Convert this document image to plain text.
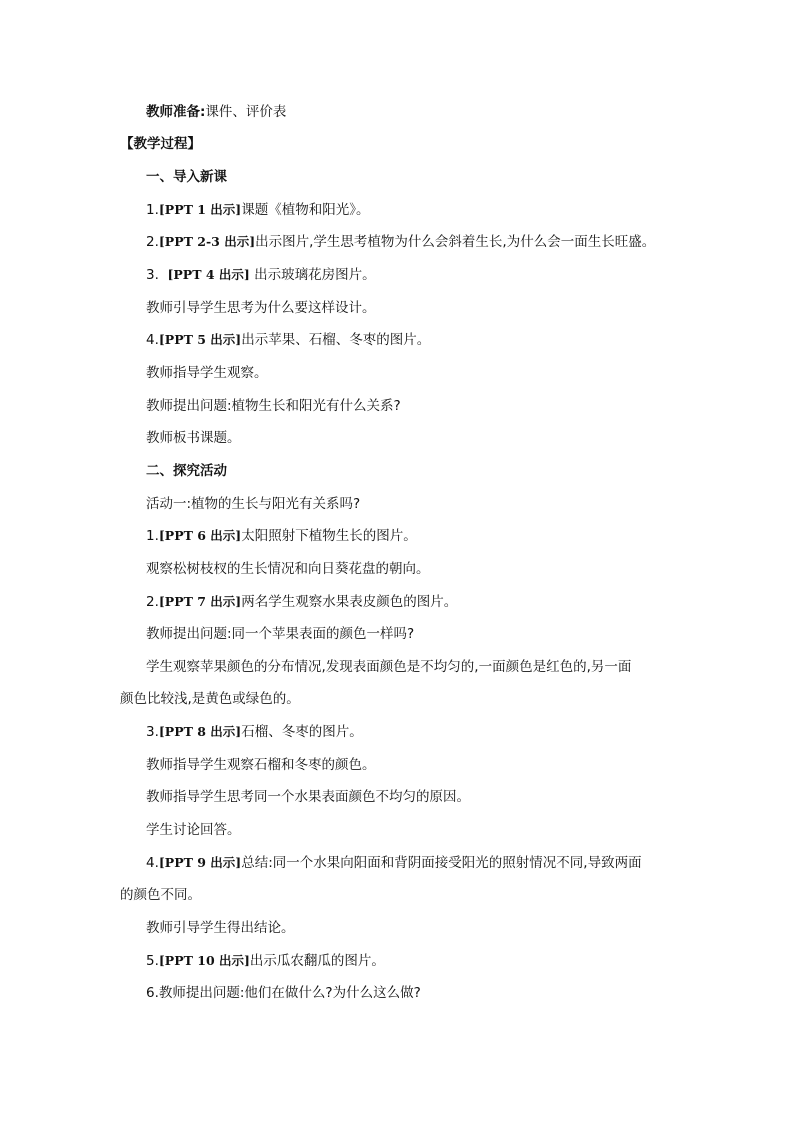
教师准备:课件、评价表
【教学过程】
一、导入新课
1.[PPT 1 出示]课题《植物和阳光》。
2.[PPT 2-3 出示]出示图片,学生思考植物为什么会斜着生长,为什么会一面生长旺盛。
3. [PPT 4 出示] 出示玻璃花房图片。
教师引导学生思考为什么要这样设计。
4.[PPT 5 出示]出示苹果、石榴、冬枣的图片。
教师指导学生观察。
教师提出问题:植物生长和阳光有什么关系?
教师板书课题。
二、探究活动
活动一:植物的生长与阳光有关系吗?
1.[PPT 6 出示]太阳照射下植物生长的图片。
观察松树枝杈的生长情况和向日葵花盘的朝向。
2.[PPT 7 出示]两名学生观察水果表皮颜色的图片。
教师提出问题:同一个苹果表面的颜色一样吗?
学生观察苹果颜色的分布情况,发现表面颜色是不均匀的,一面颜色是红色的,另一面
颜色比较浅,是黄色或绿色的。
3.[PPT 8 出示]石榴、冬枣的图片。
教师指导学生观察石榴和冬枣的颜色。
教师指导学生思考同一个水果表面颜色不均匀的原因。
学生讨论回答。
4.[PPT 9 出示]总结:同一个水果向阳面和背阴面接受阳光的照射情况不同,导致两面
的颜色不同。
教师引导学生得出结论。
5.[PPT 10 出示]出示瓜农翻瓜的图片。
6.教师提出问题:他们在做什么?为什么这么做?
